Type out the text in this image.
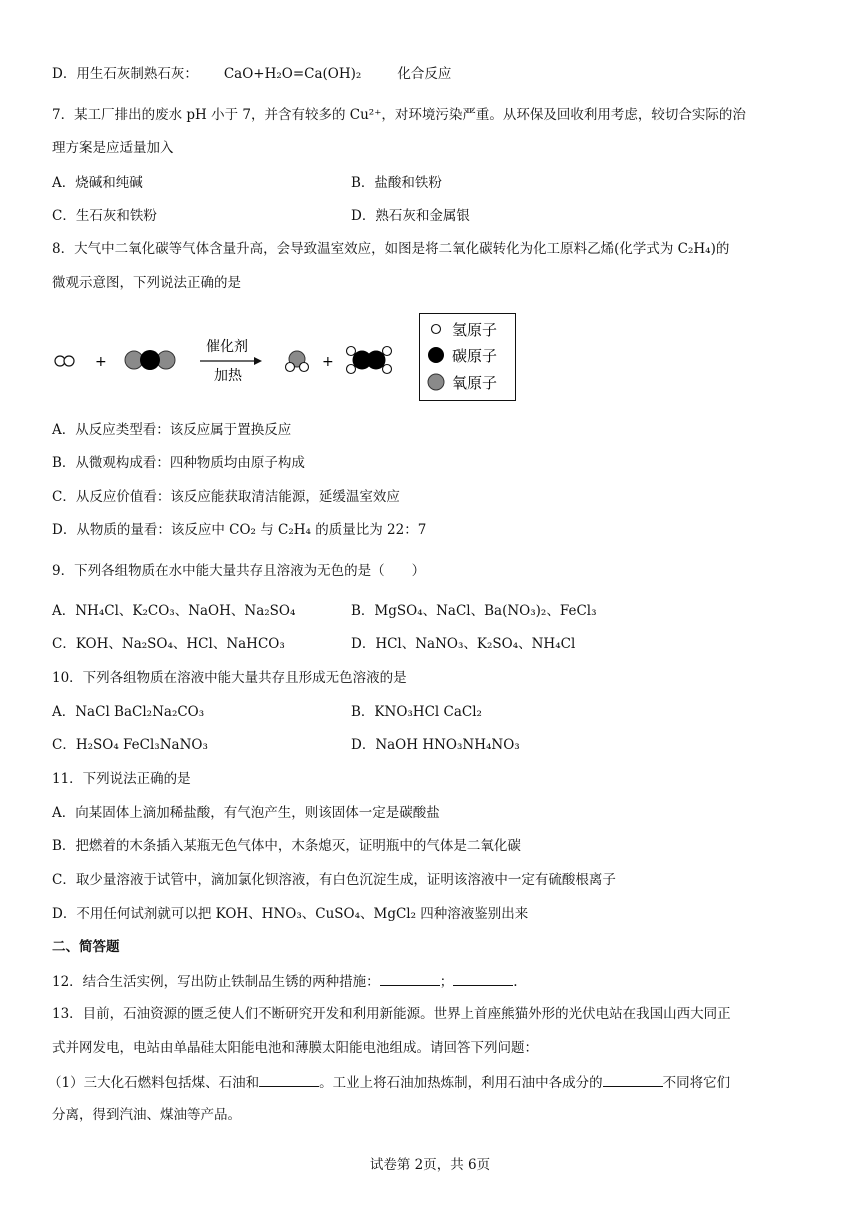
D．用生石灰制熟石灰： CaO+H₂O=Ca(OH)₂	化合反应
7．某工厂排出的废水 pH 小于 7，并含有较多的 Cu²⁺，对环境污染严重。从环保及回收利用考虑，较切合实际的治
理方案是应适量加入
A．烧碱和纯碱	B．盐酸和铁粉
C．生石灰和铁粉	D．熟石灰和金属银
8．大气中二氧化碳等气体含量升高，会导致温室效应，如图是将二氧化碳转化为化工原料乙烯(化学式为 C₂H₄)的
微观示意图，下列说法正确的是
+
催化剂
加热
+
氢原子
碳原子
氧原子
A．从反应类型看：该反应属于置换反应
B．从微观构成看：四种物质均由原子构成
C．从反应价值看：该反应能获取清洁能源，延缓温室效应
D．从物质的量看：该反应中 CO₂ 与 C₂H₄ 的质量比为 22：7
9．下列各组物质在水中能大量共存且溶液为无色的是（　　）
A．NH₄Cl、K₂CO₃、NaOH、Na₂SO₄	B．MgSO₄、NaCl、Ba(NO₃)₂、FeCl₃
C．KOH、Na₂SO₄、HCl、NaHCO₃	D．HCl、NaNO₃、K₂SO₄、NH₄Cl
10．下列各组物质在溶液中能大量共存且形成无色溶液的是
A．NaCl BaCl₂Na₂CO₃	B．KNO₃HCl CaCl₂
C．H₂SO₄ FeCl₃NaNO₃	D．NaOH HNO₃NH₄NO₃
11．下列说法正确的是
A．向某固体上滴加稀盐酸，有气泡产生，则该固体一定是碳酸盐
B．把燃着的木条插入某瓶无色气体中，木条熄灭，证明瓶中的气体是二氧化碳
C．取少量溶液于试管中，滴加氯化钡溶液，有白色沉淀生成，证明该溶液中一定有硫酸根离子
D．不用任何试剂就可以把 KOH、HNO₃、CuSO₄、MgCl₂ 四种溶液鉴别出来
二、简答题
12．结合生活实例，写出防止铁制品生锈的两种措施：	；	.
13．目前，石油资源的匮乏使人们不断研究开发和利用新能源。世界上首座熊猫外形的光伏电站在我国山西大同正
式并网发电，电站由单晶硅太阳能电池和薄膜太阳能电池组成。请回答下列问题：
（1）三大化石燃料包括煤、石油和	。工业上将石油加热炼制，利用石油中各成分的	不同将它们
分离，得到汽油、煤油等产品。
试卷第 2页，共 6页
